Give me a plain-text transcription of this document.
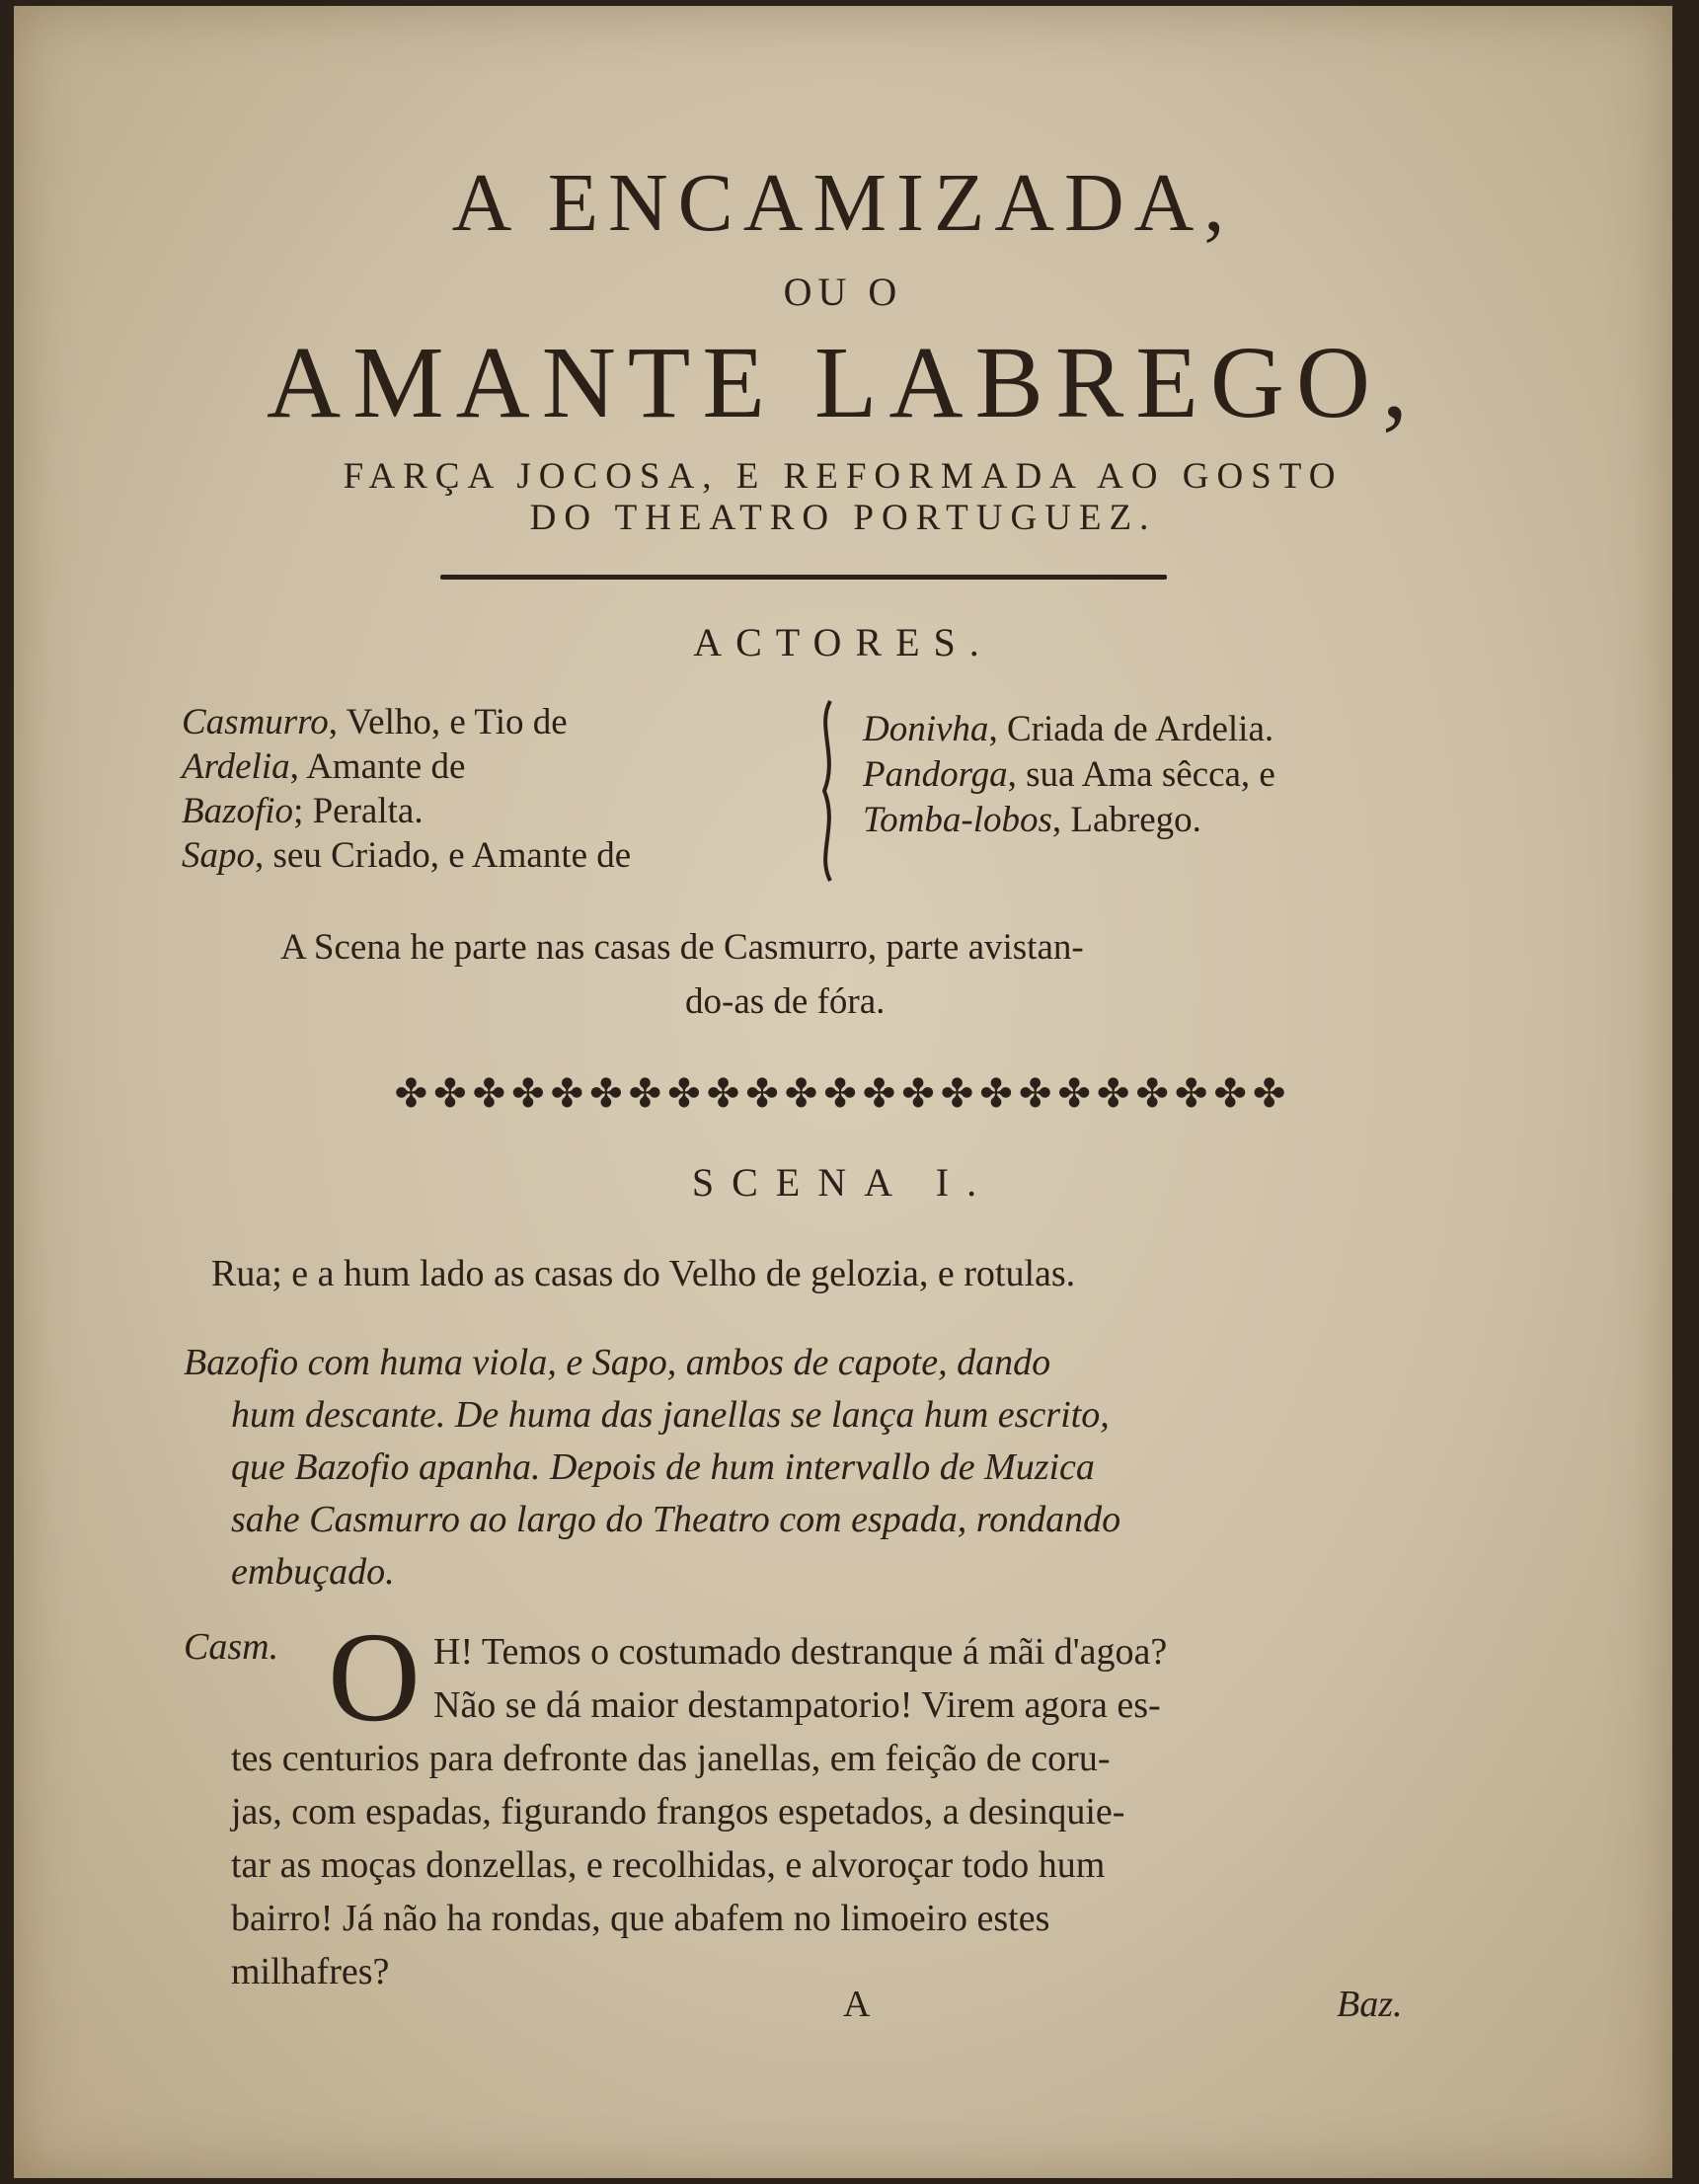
A ENCAMIZADA,
OU O
AMANTE LABREGO,
FARÇA JOCOSA, E REFORMADA AO GOSTO
DO THEATRO PORTUGUEZ.
ACTORES.
Casmurro, Velho, e Tio de
Ardelia, Amante de
Bazofio; Peralta.
Sapo, seu Criado, e Amante de
Donivha, Criada de Ardelia.
Pandorga, sua Ama sêcca, e
Tomba-lobos, Labrego.
A Scena he parte nas casas de Casmurro, parte avistan-
do-as de fóra.
✤✤✤✤✤✤✤✤✤✤✤✤✤✤✤✤✤✤✤✤✤✤✤
SCENA I.
Rua; e a hum lado as casas do Velho de gelozia, e rotulas.
Bazofio com huma viola, e Sapo, ambos de capote, dando
hum descante. De huma das janellas se lança hum escrito,
que Bazofio apanha. Depois de hum intervallo de Muzica
sahe Casmurro ao largo do Theatro com espada, rondando
embuçado.
Casm. O H! Temos o costumado destranque á mãi d'agoa?
Não se dá maior destampatorio! Virem agora es-
tes centurios para defronte das janellas, em feição de coru-
jas, com espadas, figurando frangos espetados, a desinquie-
tar as moças donzellas, e recolhidas, e alvoroçar todo hum
bairro! Já não ha rondas, que abafem no limoeiro estes
milhafres?
A	Baz.
